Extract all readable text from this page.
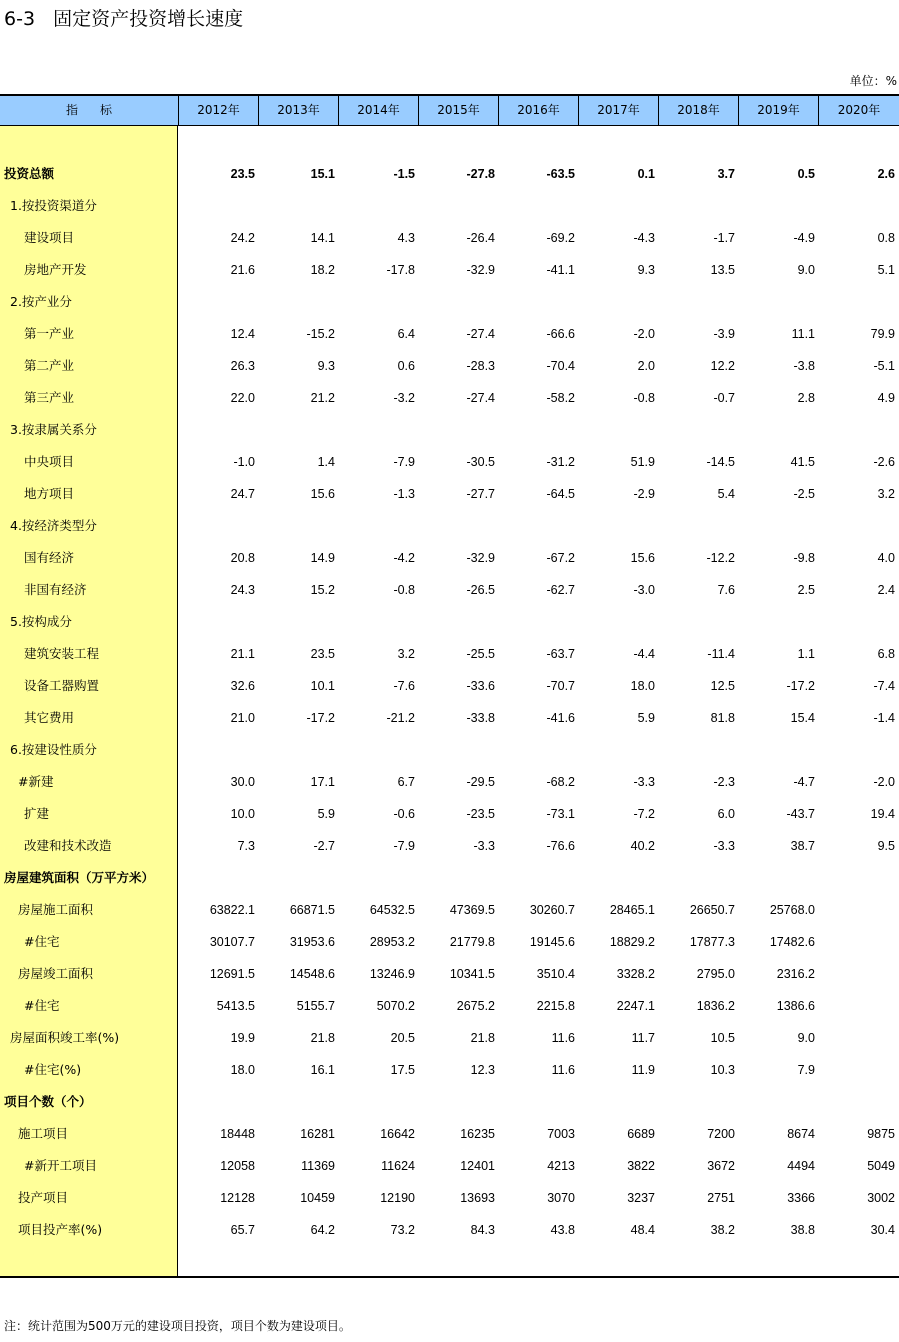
6-3   固定资产投资增长速度
单位：%
指标	2012年	2013年	2014年	2015年	2016年	2017年	2018年	2019年	2020年
投资总额	23.5	15.1	-1.5	-27.8	-63.5	0.1	3.7	0.5	2.6
1.按投资渠道分
建设项目	24.2	14.1	4.3	-26.4	-69.2	-4.3	-1.7	-4.9	0.8
房地产开发	21.6	18.2	-17.8	-32.9	-41.1	9.3	13.5	9.0	5.1
2.按产业分
第一产业	12.4	-15.2	6.4	-27.4	-66.6	-2.0	-3.9	11.1	79.9
第二产业	26.3	9.3	0.6	-28.3	-70.4	2.0	12.2	-3.8	-5.1
第三产业	22.0	21.2	-3.2	-27.4	-58.2	-0.8	-0.7	2.8	4.9
3.按隶属关系分
中央项目	-1.0	1.4	-7.9	-30.5	-31.2	51.9	-14.5	41.5	-2.6
地方项目	24.7	15.6	-1.3	-27.7	-64.5	-2.9	5.4	-2.5	3.2
4.按经济类型分
国有经济	20.8	14.9	-4.2	-32.9	-67.2	15.6	-12.2	-9.8	4.0
非国有经济	24.3	15.2	-0.8	-26.5	-62.7	-3.0	7.6	2.5	2.4
5.按构成分
建筑安装工程	21.1	23.5	3.2	-25.5	-63.7	-4.4	-11.4	1.1	6.8
设备工器购置	32.6	10.1	-7.6	-33.6	-70.7	18.0	12.5	-17.2	-7.4
其它费用	21.0	-17.2	-21.2	-33.8	-41.6	5.9	81.8	15.4	-1.4
6.按建设性质分
#新建	30.0	17.1	6.7	-29.5	-68.2	-3.3	-2.3	-4.7	-2.0
扩建	10.0	5.9	-0.6	-23.5	-73.1	-7.2	6.0	-43.7	19.4
改建和技术改造	7.3	-2.7	-7.9	-3.3	-76.6	40.2	-3.3	38.7	9.5
房屋建筑面积（万平方米）
房屋施工面积	63822.1	66871.5	64532.5	47369.5	30260.7	28465.1	26650.7	25768.0
#住宅	30107.7	31953.6	28953.2	21779.8	19145.6	18829.2	17877.3	17482.6
房屋竣工面积	12691.5	14548.6	13246.9	10341.5	3510.4	3328.2	2795.0	2316.2
#住宅	5413.5	5155.7	5070.2	2675.2	2215.8	2247.1	1836.2	1386.6
房屋面积竣工率(%)	19.9	21.8	20.5	21.8	11.6	11.7	10.5	9.0
#住宅(%)	18.0	16.1	17.5	12.3	11.6	11.9	10.3	7.9
项目个数（个）
施工项目	18448	16281	16642	16235	7003	6689	7200	8674	9875
#新开工项目	12058	11369	11624	12401	4213	3822	3672	4494	5049
投产项目	12128	10459	12190	13693	3070	3237	2751	3366	3002
项目投产率(%)	65.7	64.2	73.2	84.3	43.8	48.4	38.2	38.8	30.4
注：统计范围为500万元的建设项目投资，项目个数为建设项目。
